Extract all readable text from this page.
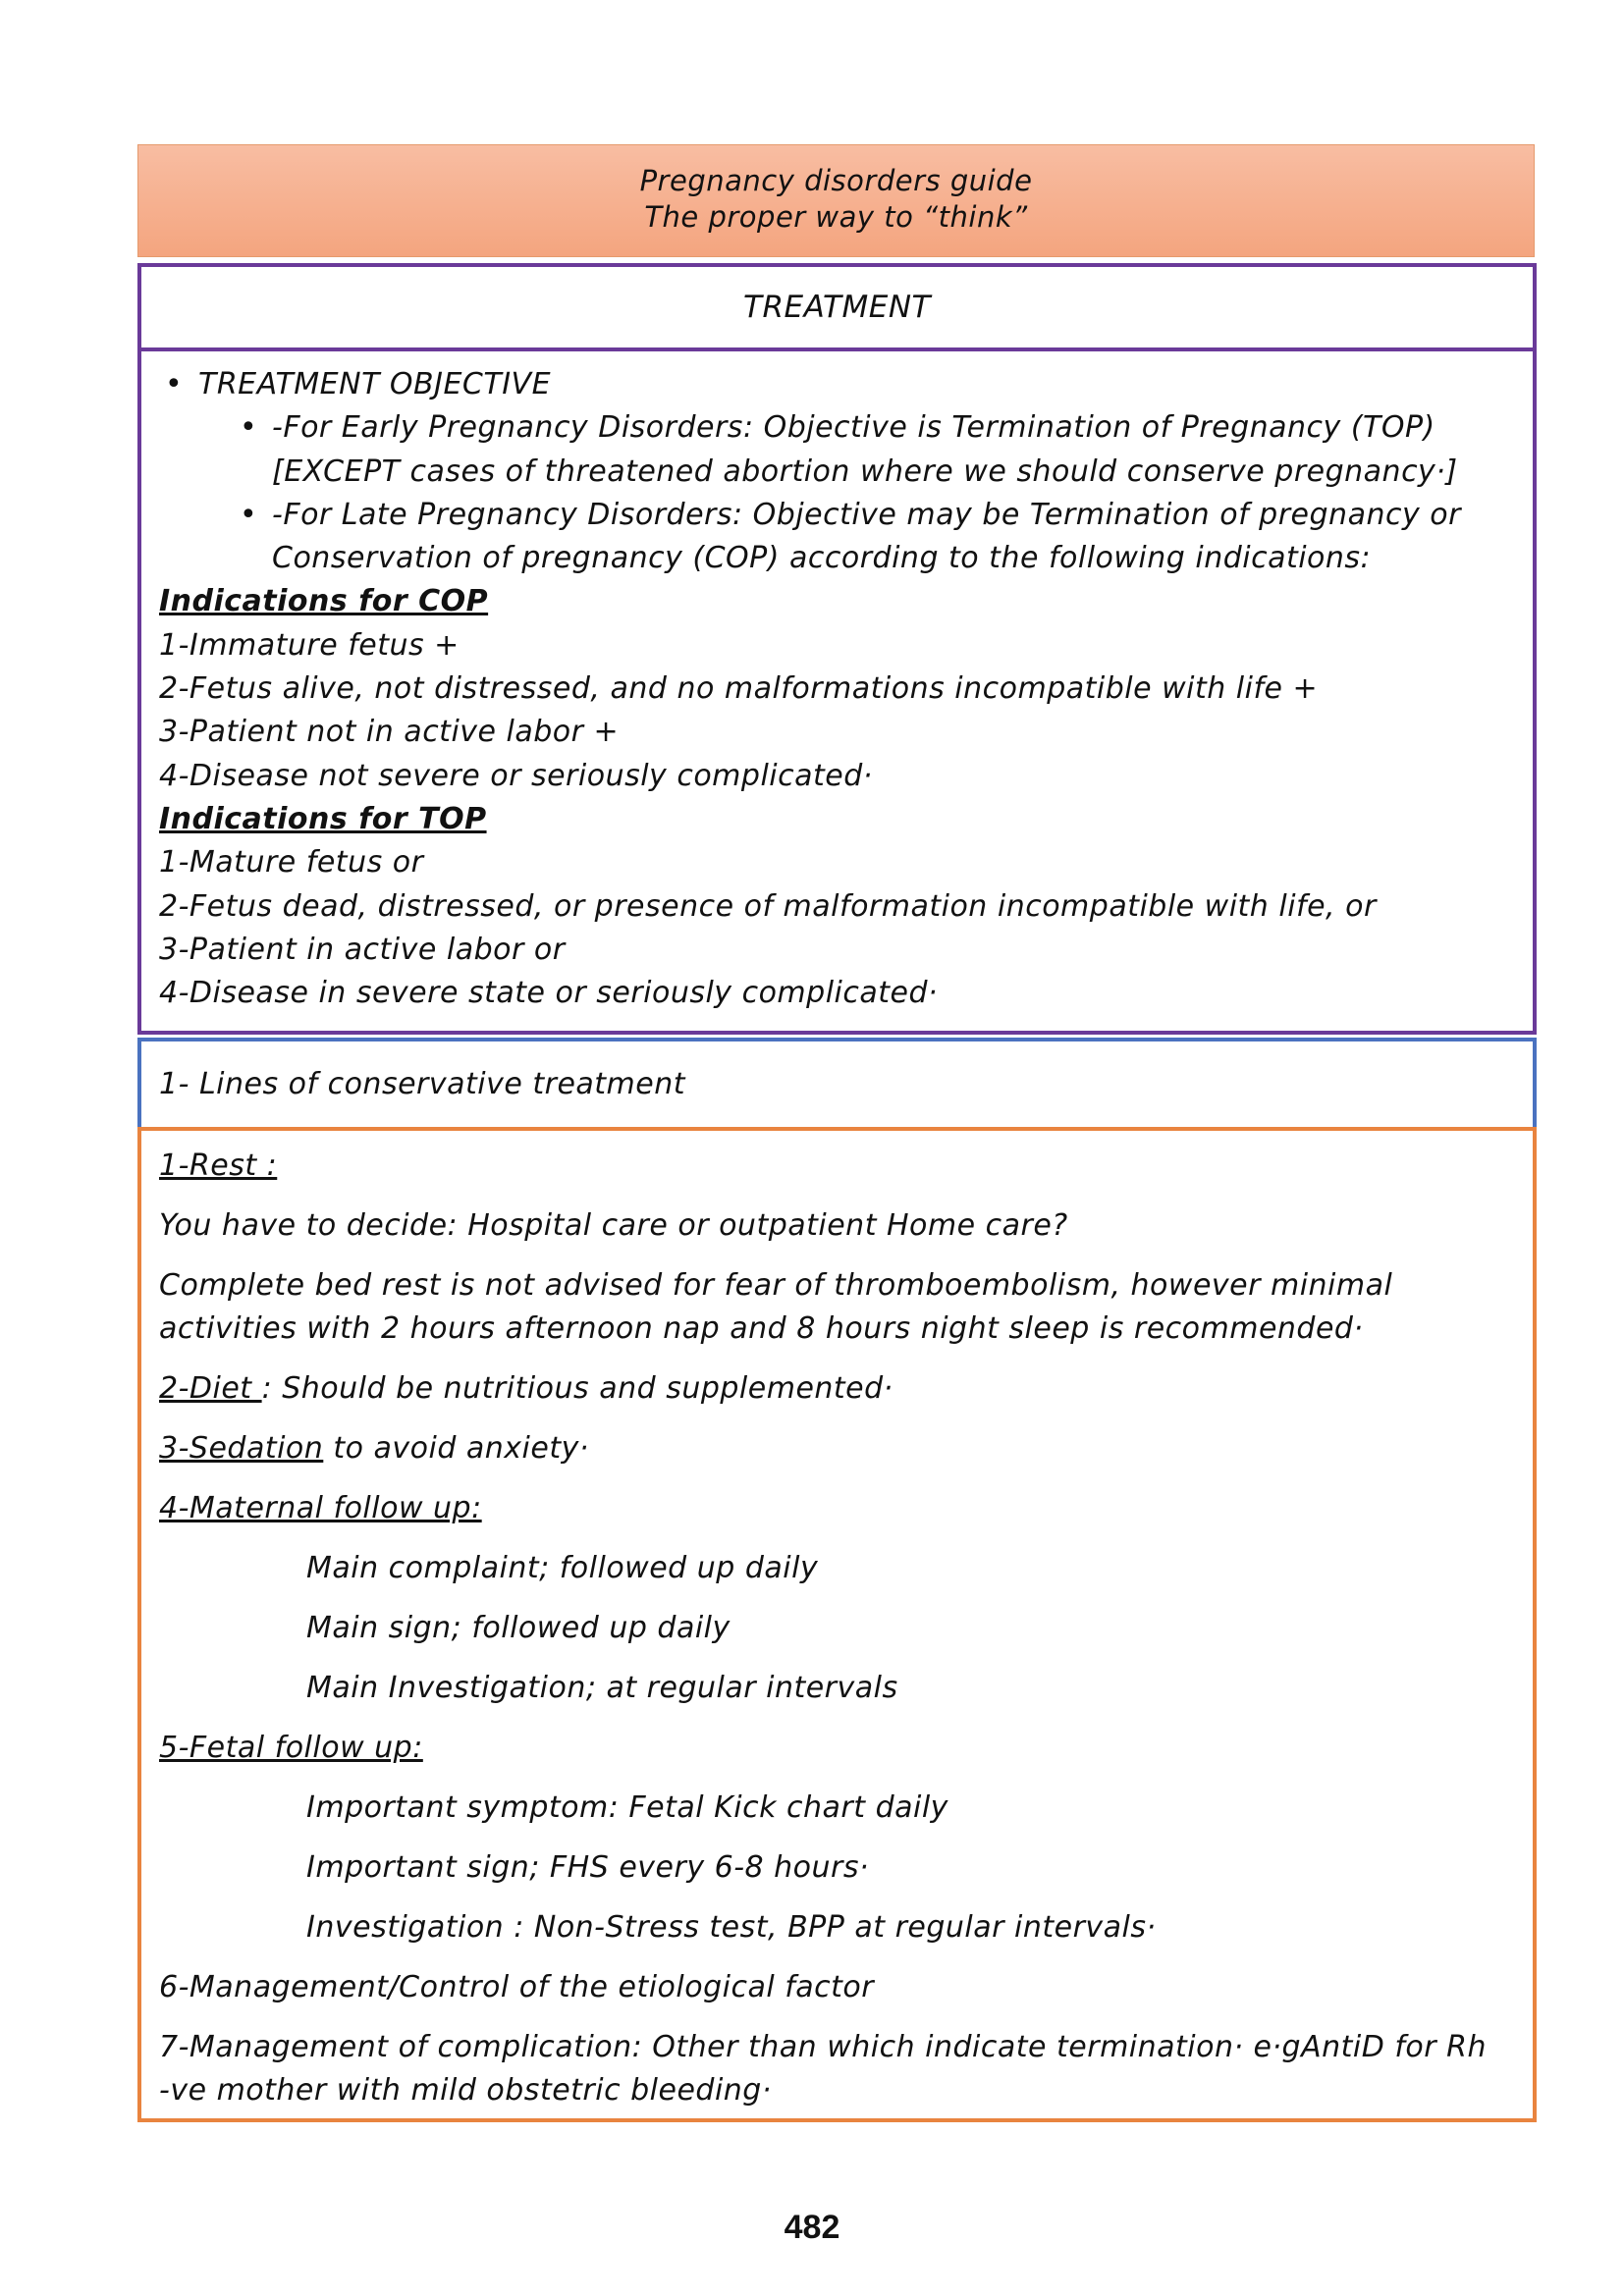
Pregnancy disorders guide
The proper way to “think”
TREATMENT
• TREATMENT OBJECTIVE
• -For Early Pregnancy Disorders: Objective is Termination of Pregnancy (TOP) [EXCEPT cases of threatened abortion where we should conserve pregnancy·]
• -For Late Pregnancy Disorders: Objective may be Termination of pregnancy or Conservation of pregnancy (COP) according to the following indications:
Indications for COP
1-Immature fetus +
2-Fetus alive, not distressed, and no malformations incompatible with life +
3-Patient not in active labor +
4-Disease not severe or seriously complicated·
Indications for TOP
1-Mature fetus or
2-Fetus dead, distressed, or presence of malformation incompatible with life, or
3-Patient in active labor or
4-Disease in severe state or seriously complicated·
1- Lines of conservative treatment

1-Rest :

You have to decide: Hospital care or outpatient Home care?

Complete bed rest is not advised for fear of thromboembolism, however minimal activities with 2 hours afternoon nap and 8 hours night sleep is recommended·

2-Diet : Should be nutritious and supplemented·

3-Sedation to avoid anxiety·

4-Maternal follow up:

Main complaint; followed up daily

Main sign; followed up daily

Main Investigation; at regular intervals

5-Fetal follow up:

Important symptom: Fetal Kick chart daily

Important sign; FHS every 6-8 hours·

Investigation : Non-Stress test, BPP at regular intervals·

6-Management/Control of the etiological factor

7-Management of complication: Other than which indicate termination· e·gAntiD for Rh -ve mother with mild obstetric bleeding·

482
